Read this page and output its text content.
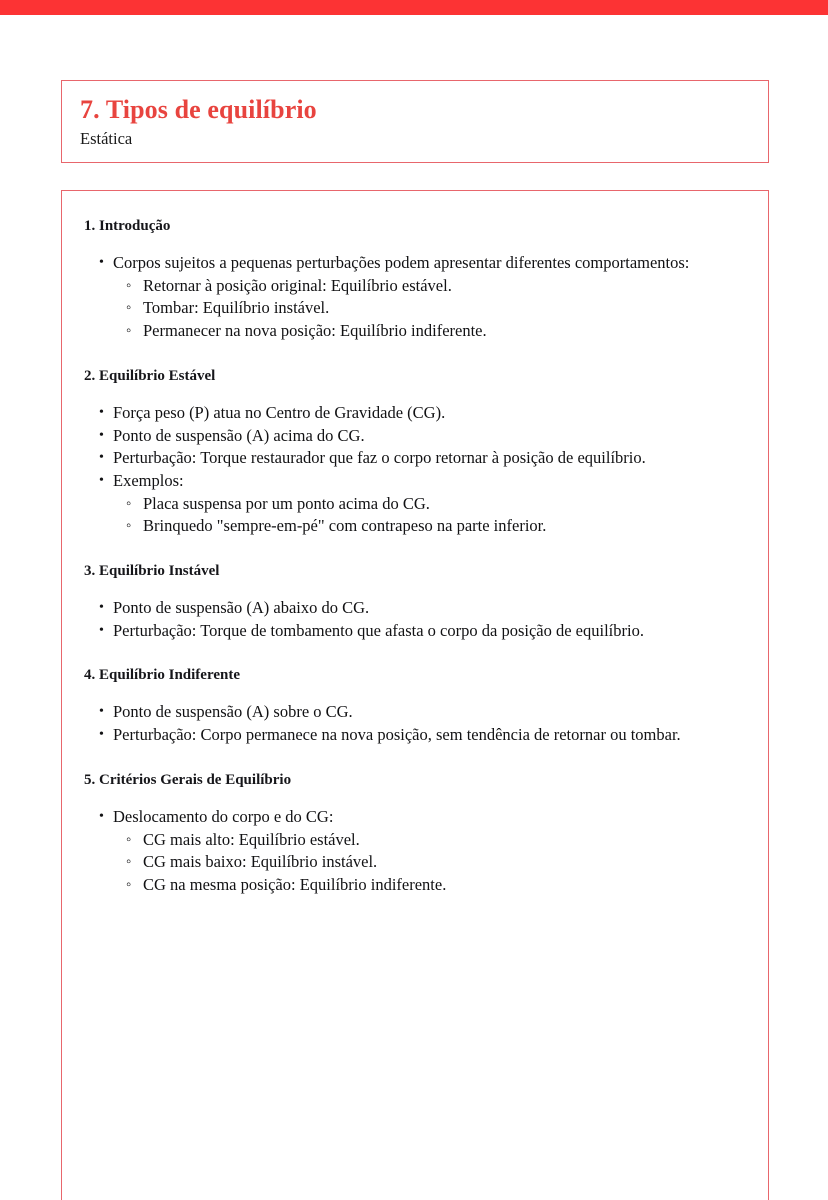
7. Tipos de equilíbrio
Estática
1. Introdução
• Corpos sujeitos a pequenas perturbações podem apresentar diferentes comportamentos:
◦ Retornar à posição original: Equilíbrio estável.
◦ Tombar: Equilíbrio instável.
◦ Permanecer na nova posição: Equilíbrio indiferente.
2. Equilíbrio Estável
• Força peso (P) atua no Centro de Gravidade (CG).
• Ponto de suspensão (A) acima do CG.
• Perturbação: Torque restaurador que faz o corpo retornar à posição de equilíbrio.
• Exemplos:
◦ Placa suspensa por um ponto acima do CG.
◦ Brinquedo "sempre-em-pé" com contrapeso na parte inferior.
3. Equilíbrio Instável
• Ponto de suspensão (A) abaixo do CG.
• Perturbação: Torque de tombamento que afasta o corpo da posição de equilíbrio.
4. Equilíbrio Indiferente
• Ponto de suspensão (A) sobre o CG.
• Perturbação: Corpo permanece na nova posição, sem tendência de retornar ou tombar.
5. Critérios Gerais de Equilíbrio
• Deslocamento do corpo e do CG:
◦ CG mais alto: Equilíbrio estável.
◦ CG mais baixo: Equilíbrio instável.
◦ CG na mesma posição: Equilíbrio indiferente.
